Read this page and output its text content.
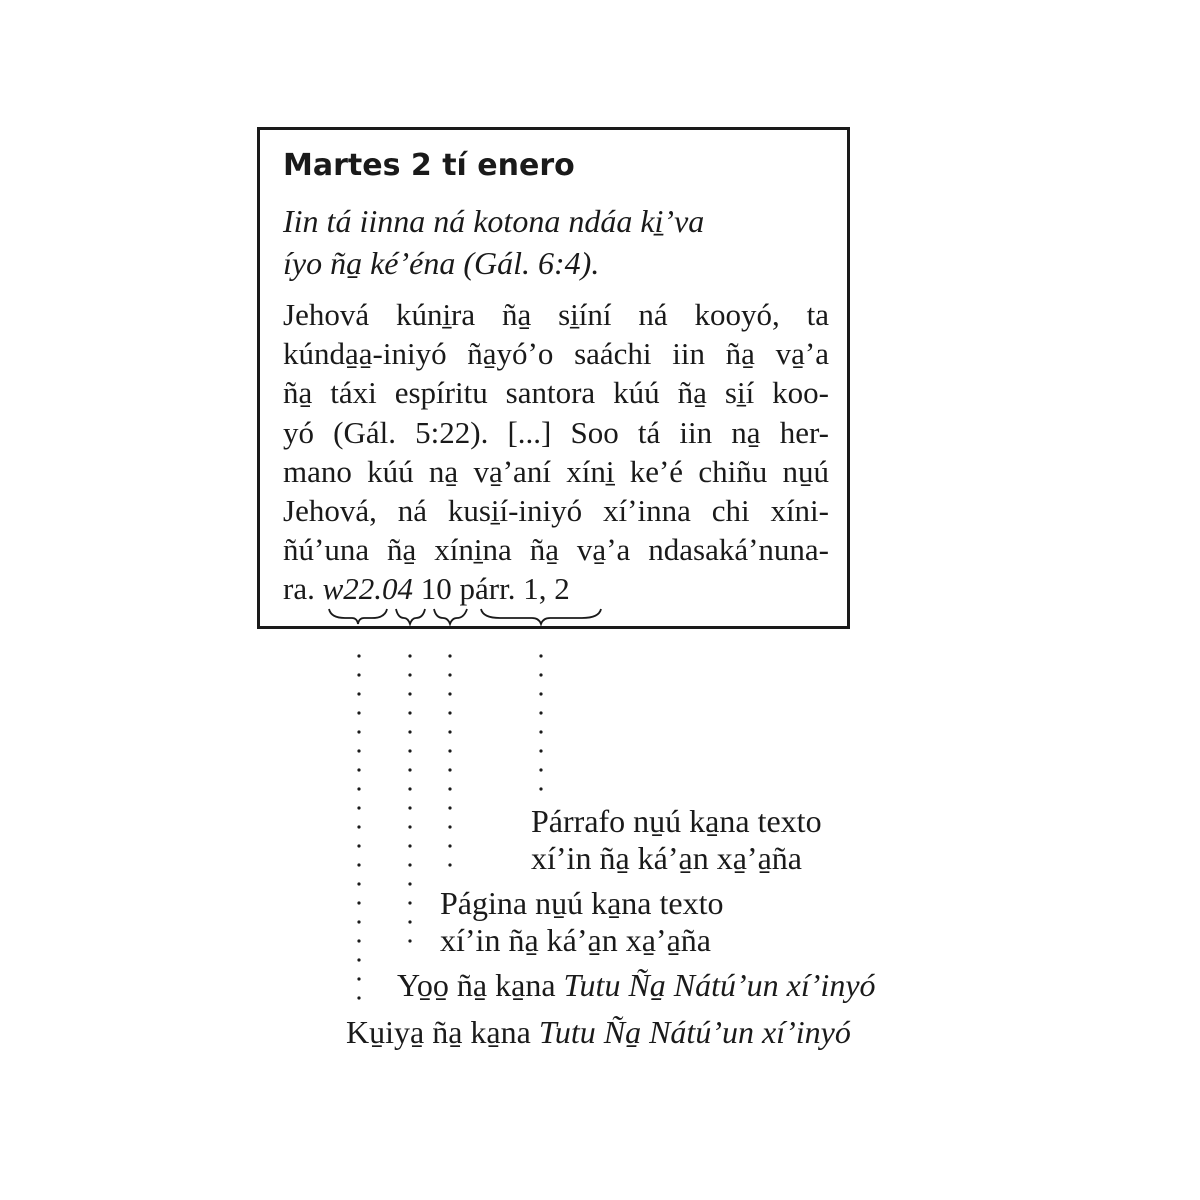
Martes 2 tí enero
Iin tá iinna ná kotona ndáa ki̱ʼva
íyo ña̱ kéʼéna (Gál. 6:4).
Jehová kúni̱ra ña̱ si̱íní ná kooyó, ta
kúnda̱a̱-iniyó ña̱yóʼo saáchi iin ña̱ va̱ʼa
ña̱ táxi espíritu santora kúú ña̱ si̱í koo-
yó (Gál. 5:22). [...] Soo tá iin na̱ her-
mano kúú na̱ va̱ʼaní xíni̱ keʼé chiñu nu̱ú
Jehová, ná kusi̱í-iniyó xíʼinna chi xíni-
ñúʼuna ña̱ xíni̱na ña̱ va̱ʼa ndasakáʼnuna-
ra. w22.04 10 párr. 1, 2
Párrafo nu̱ú ka̱na texto
xíʼin ña̱ káʼa̱n xa̱ʼa̱ña
Página nu̱ú ka̱na texto
xíʼin ña̱ káʼa̱n xa̱ʼa̱ña
Yo̱o̱ ña̱ ka̱na Tutu Ña̱ Nátúʼun xíʼinyó
Ku̱iya̱ ña̱ ka̱na Tutu Ña̱ Nátúʼun xíʼinyó
